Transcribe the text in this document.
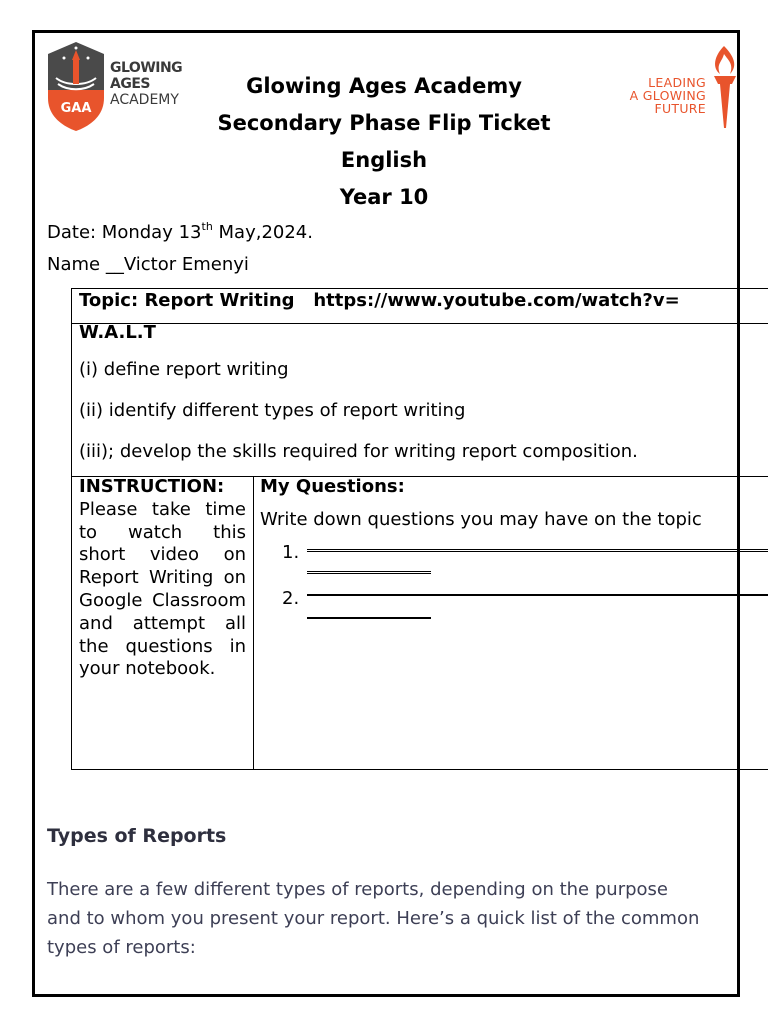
GAA
GLOWING
AGES
ACADEMY
LEADING
A GLOWING
FUTURE
Glowing Ages Academy
Secondary Phase Flip Ticket
English
Year 10
Date: Monday 13th May,2024.
Name __Victor Emenyi
Topic: Report Writing   https://www.youtube.com/watch?v=
W.A.L.T
(i) define report writing
(ii) identify different types of report writing
(iii); develop the skills required for writing report composition.
INSTRUCTION: Please take time to watch this short video on Report Writing on Google Classroom and attempt all the questions in your notebook.
My Questions:
Write down questions you may have on the topic
1.
2.
Types of Reports
There are a few different types of reports, depending on the purpose and to whom you present your report. Here’s a quick list of the common types of reports:
